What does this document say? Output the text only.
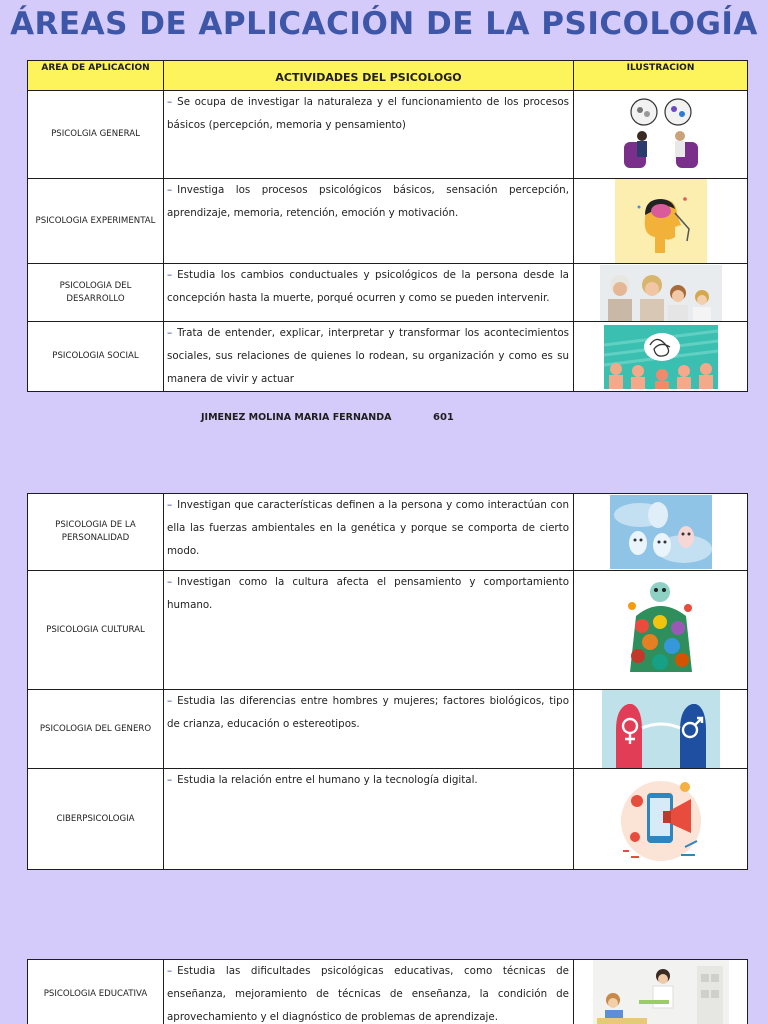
ÁREAS DE APLICACIÓN DE LA PSICOLOGÍA
AREA DE APLICACION	ACTIVIDADES DEL PSICOLOGO	ILUSTRACION
PSICOLGIA GENERAL	– Se ocupa de investigar la naturaleza y el funcionamiento de los procesos básicos (percepción, memoria y pensamiento)	

PSICOLOGIA EXPERIMENTAL	– Investiga los procesos psicológicos básicos, sensación percepción, aprendizaje, memoria, retención, emoción y motivación.	

PSICOLOGIA DEL DESARROLLO	– Estudia los cambios conductuales y psicológicos de la persona desde la concepción hasta la muerte, porqué ocurren y como se pueden intervenir.	

PSICOLOGIA SOCIAL	– Trata de entender, explicar, interpretar y transformar los acontecimientos sociales, sus relaciones de quienes lo rodean, su organización y como es su manera de vivir y actuar	
JIMENEZ MOLINA MARIA FERNANDA	601
PSICOLOGIA DE LA PERSONALIDAD	– Investigan que características definen a la persona y como interactúan con ella las fuerzas ambientales en la genética y porque se comporta de cierto modo.	

PSICOLOGIA CULTURAL	– Investigan como la cultura afecta el pensamiento y comportamiento humano.	

PSICOLOGIA DEL GENERO	– Estudia las diferencias entre hombres y mujeres; factores biológicos, tipo de crianza, educación o estereotipos.	

CIBERPSICOLOGIA	– Estudia la relación entre el humano y la tecnología digital.	
PSICOLOGIA EDUCATIVA	– Estudia las dificultades psicológicas educativas, como técnicas de enseñanza, mejoramiento de técnicas de enseñanza, la condición de aprovechamiento y el diagnóstico de problemas de aprendizaje.	
